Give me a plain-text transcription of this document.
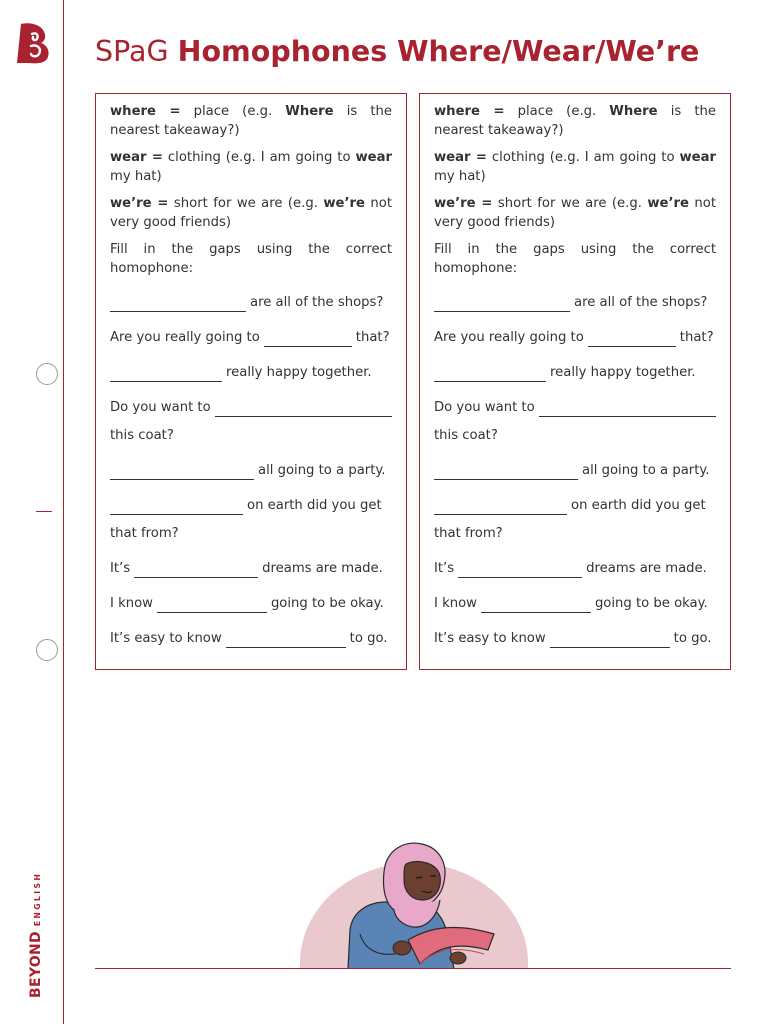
BEYONDENGLISH
SPaG Homophones Where/Wear/We’re

where = place (e.g. Where is the nearest takeaway?)

wear = clothing (e.g. I am going to wear my hat)

we’re = short for we are (e.g. we’re not very good friends)

Fill in the gaps using the correct homophone:

are all of the shops?
Are you really going to	that?
really happy together.
Do you want to
this coat?
all going to a party.
on earth did you get
that from?
It’s	dreams are made.
I know	going to be okay.
It’s easy to know	to go.

where = place (e.g. Where is the nearest takeaway?)

wear = clothing (e.g. I am going to wear my hat)

we’re = short for we are (e.g. we’re not very good friends)

Fill in the gaps using the correct homophone:

are all of the shops?
Are you really going to	that?
really happy together.
Do you want to
this coat?
all going to a party.
on earth did you get
that from?
It’s	dreams are made.
I know	going to be okay.
It’s easy to know	to go.
